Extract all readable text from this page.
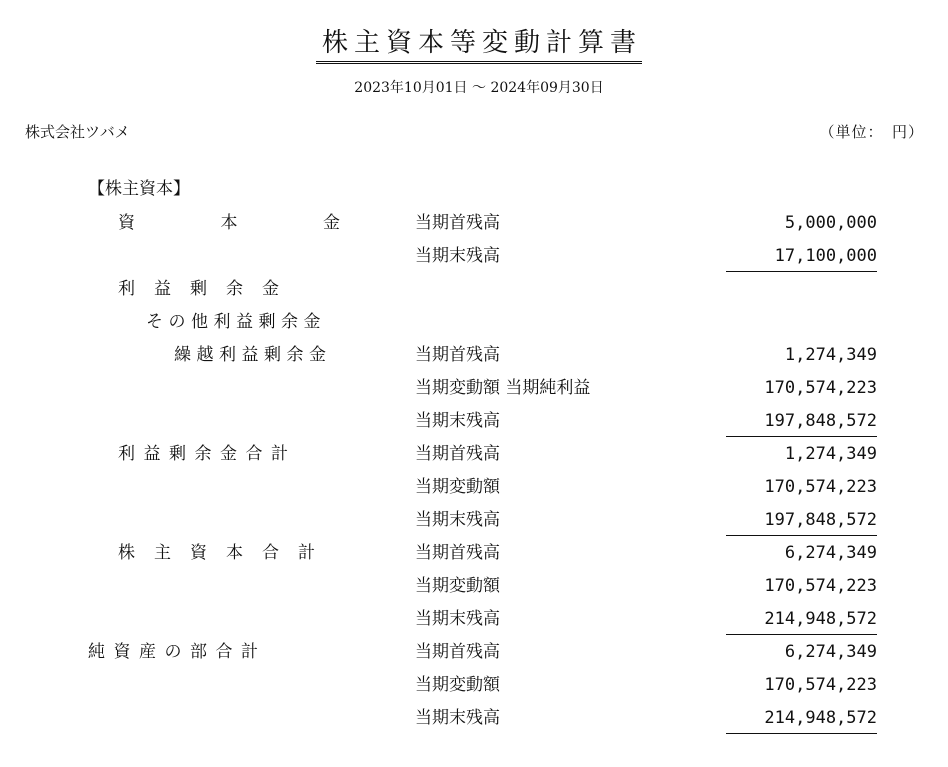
株主資本等変動計算書
2023年10月01日 〜 2024年09月30日
株式会社ツバメ	（単位：　円）
【株主資本】
資	本	金	当期首残高	5,000,000
当期末残高	17,100,000
利益剰余金
その他利益剰余金
繰越利益剰余金	当期首残高	1,274,349
当期変動額 当期純利益	170,574,223
当期末残高	197,848,572
利益剰余金合計	当期首残高	1,274,349
当期変動額	170,574,223
当期末残高	197,848,572
株主資本合計	当期首残高	6,274,349
当期変動額	170,574,223
当期末残高	214,948,572
純資産の部合計	当期首残高	6,274,349
当期変動額	170,574,223
当期末残高	214,948,572
